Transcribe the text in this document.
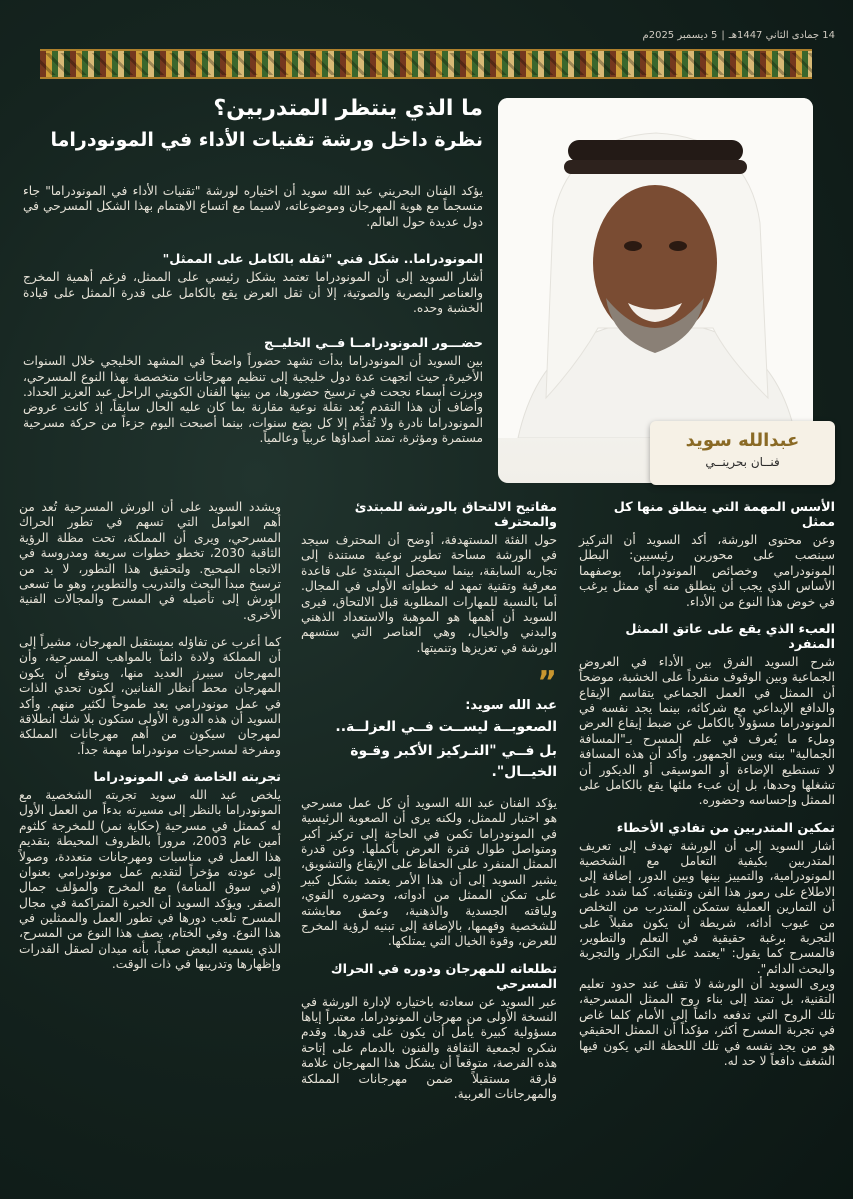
14 جمادى الثاني 1447هـ|5 ديسمبر 2025م
عبدالله سويد
فنــان بحرينــي
ما الذي ينتظر المتدربين؟
نظرة داخل ورشة تقنيات الأداء في المونودراما

يؤكد الفنان البحريني عبد الله سويد أن اختياره لورشة "تقنيات الأداء في المونودراما" جاء منسجماً مع هوية المهرجان وموضوعاته، لاسيما مع اتساع الاهتمام بهذا الشكل المسرحي في دول عديدة حول العالم.

المونودراما.. شكل فني "ثقله بالكامل على الممثل"

أشار السويد إلى أن المونودراما تعتمد بشكل رئيسي على الممثل، فرغم أهمية المخرج والعناصر البصرية والصوتية، إلا أن ثقل العرض يقع بالكامل على قدرة الممثل على قيادة الخشبة وحده.

حضـــور المونودرامــا فــي الخليــج

بين السويد أن المونودراما بدأت تشهد حضوراً واضحاً في المشهد الخليجي خلال السنوات الأخيرة، حيث اتجهت عدة دول خليجية إلى تنظيم مهرجانات متخصصة بهذا النوع المسرحي، وبرزت أسماء نجحت في ترسيخ حضورها، من بينها الفنان الكويتي الراحل عبد العزيز الحداد. وأضاف أن هذا التقدم يُعد نقلة نوعية مقارنة بما كان عليه الحال سابقاً، إذ كانت عروض المونودراما نادرة ولا تُقدَّم إلا كل بضع سنوات، بينما أصبحت اليوم جزءاً من حركة مسرحية مستمرة ومؤثرة، تمتد أصداؤها عربياً وعالمياً.

الأسس المهمة التي ينطلق منها كل ممثل

وعن محتوى الورشة، أكد السويد أن التركيز سينصب على محورين رئيسيين: البطل المونودرامي وخصائص المونودراما، بوصفهما الأساس الذي يجب أن ينطلق منه أي ممثل يرغب في خوض هذا النوع من الأداء.

العبء الذي يقع على عاتق الممثل المنفرد

شرح السويد الفرق بين الأداء في العروض الجماعية وبين الوقوف منفرداً على الخشبة، موضحاً أن الممثل في العمل الجماعي يتقاسم الإيقاع والدافع الإبداعي مع شركائه، بينما يجد نفسه في المونودراما مسؤولاً بالكامل عن ضبط إيقاع العرض وملء ما يُعرف في علم المسرح بـ"المسافة الجمالية" بينه وبين الجمهور. وأكد أن هذه المسافة لا تستطيع الإضاءة أو الموسيقى أو الديكور أن تشغلها وحدها، بل إن عبء ملئها يقع بالكامل على الممثل وإحساسه وحضوره.

تمكين المتدربين من تفادي الأخطاء

أشار السويد إلى أن الورشة تهدف إلى تعريف المتدربين بكيفية التعامل مع الشخصية المونودرامية، والتمييز بينها وبين الدور، إضافة إلى الاطلاع على رموز هذا الفن وتقنياته. كما شدد على أن التمارين العملية ستمكن المتدرب من التخلص من عيوب أدائه، شريطة أن يكون مقبلاً على التجربة برغبة حقيقية في التعلم والتطوير، فالمسرح كما يقول: "يعتمد على التكرار والتجربة والبحث الدائم".

ويرى السويد أن الورشة لا تقف عند حدود تعليم التقنية، بل تمتد إلى بناء روح الممثل المسرحية، تلك الروح التي تدفعه دائماً إلى الأمام كلما غاص في تجربة المسرح أكثر، مؤكداً أن الممثل الحقيقي هو من يجد نفسه في تلك اللحظة التي يكون فيها الشغف دافعاً لا حد له.

مفاتيح الالتحاق بالورشة للمبتدئ والمحترف

حول الفئة المستهدفة، أوضح أن المحترف سيجد في الورشة مساحة تطوير نوعية مستندة إلى تجاربه السابقة، بينما سيحصل المبتدئ على قاعدة معرفية وتقنية تمهد له خطواته الأولى في المجال. أما بالنسبة للمهارات المطلوبة قبل الالتحاق، فيرى السويد أن أهمها هو الموهبة والاستعداد الذهني والبدني والخيال، وهي العناصر التي ستسهم الورشة في تعزيزها وتنميتها.

”
عبد الله سويد:
الصعوبــة ليســت فــي العزلــة..
بل فــي "التـركيز الأكبر وقـوة الخيــال".

يؤكد الفنان عبد الله السويد أن كل عمل مسرحي هو اختبار للممثل، ولكنه يرى أن الصعوبة الرئيسية في المونودراما تكمن في الحاجة إلى تركيز أكبر ومتواصل طوال فترة العرض بأكملها. وعن قدرة الممثل المنفرد على الحفاظ على الإيقاع والتشويق، يشير السويد إلى أن هذا الأمر يعتمد بشكل كبير على تمكن الممثل من أدواته، وحضوره القوي، ولياقته الجسدية والذهنية، وعمق معايشته للشخصية وفهمها، بالإضافة إلى تبنيه لرؤية المخرج للعرض، وقوة الخيال التي يمتلكها.

تطلعاته للمهرجان ودوره في الحراك المسرحي

عبر السويد عن سعادته باختياره لإدارة الورشة في النسخة الأولى من مهرجان المونودراما، معتبراً إياها مسؤولية كبيرة يأمل أن يكون على قدرها. وقدم شكره لجمعية الثقافة والفنون بالدمام على إتاحة هذه الفرصة، متوقعاً أن يشكل هذا المهرجان علامة فارقة مستقبلاً ضمن مهرجانات المملكة والمهرجانات العربية.

ويشدد السويد على أن الورش المسرحية تُعد من أهم العوامل التي تسهم في تطور الحراك المسرحي، ويرى أن المملكة، تحت مظلة الرؤية الثاقبة 2030، تخطو خطوات سريعة ومدروسة في الاتجاه الصحيح. ولتحقيق هذا التطور، لا بد من ترسيخ مبدأ البحث والتدريب والتطوير، وهو ما تسعى الورش إلى تأصيله في المسرح والمجالات الفنية الأخرى.

كما أعرب عن تفاؤله بمستقبل المهرجان، مشيراً إلى أن المملكة ولادة دائماً بالمواهب المسرحية، وأن المهرجان سيبرز العديد منها، ويتوقع أن يكون المهرجان محط أنظار الفنانين، لكون تحدي الذات في عمل مونودرامي يعد طموحاً لكثير منهم. وأكد السويد أن هذه الدورة الأولى ستكون بلا شك انطلاقة لمهرجان سيكون من أهم مهرجانات المملكة ومفرخة لمسرحيات مونودراما مهمة جداً.

تجربته الخاصة في المونودراما

يلخص عبد الله سويد تجربته الشخصية مع المونودراما بالنظر إلى مسيرته بدءاً من العمل الأول له كممثل في مسرحية (حكاية نمر) للمخرجة كلثوم أمين عام 2003، مروراً بالظروف المحيطة بتقديم هذا العمل في مناسبات ومهرجانات متعددة، وصولاً إلى عودته مؤخراً لتقديم عمل مونودرامي بعنوان (في سوق المنامة) مع المخرج والمؤلف جمال الصقر. ويؤكد السويد أن الخبرة المتراكمة في مجال المسرح تلعب دورها في تطور العمل والممثلين في هذا النوع. وفي الختام، يصف هذا النوع من المسرح، الذي يسميه البعض صعباً، بأنه ميدان لصقل القدرات وإظهارها وتدريبها في ذات الوقت.
